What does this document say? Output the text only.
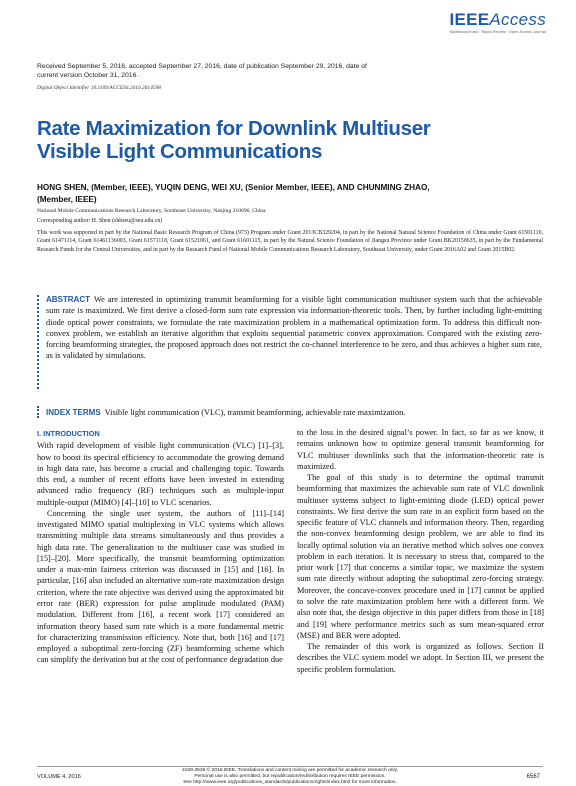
IEEEAccess
Multidisciplinary : Rapid Review : Open Access Journal
Received September 5, 2016, accepted September 27, 2016, date of publication September 29, 2016, date of current version October 31, 2016.
Digital Object Identifier 10.1109/ACCESS.2016.2614598
Rate Maximization for Downlink Multiuser Visible Light Communications
HONG SHEN, (Member, IEEE), YUQIN DENG, WEI XU, (Senior Member, IEEE), AND CHUNMING ZHAO, (Member, IEEE)
National Mobile Communications Research Laboratory, Southeast University, Nanjing 210096, China
Corresponding author: H. Shen (shhseu@seu.edu.cn)
This work was supported in part by the National Basic Research Program of China (973) Program under Grant 2013CB329204, in part by the National Natural Science Foundation of China under Grant 61501110, Grant 61471114, Grant 61461136003, Grant 61571118, Grant 61521061, and Grant 61601115, in part by the Natural Science Foundation of Jiangsu Province under Grant BK20150635, in part by the Fundamental Research Funds for the Central Universities, and in part by the Research Fund of National Mobile Communications Research Laboratory, Southeast University, under Grant 2016A02 and Grant 2015B02.
ABSTRACT We are interested in optimizing transmit beamforming for a visible light communication multiuser system such that the achievable sum rate is maximized. We first derive a closed-form sum rate expression via information-theoretic tools. Then, by further including light-emitting diode optical power constraints, we formulate the rate maximization problem in a mathematical optimization form. To address this difficult non-convex problem, we establish an iterative algorithm that exploits sequential parametric convex approximation. Compared with the existing zero-forcing beamforming strategies, the proposed approach does not restrict the co-channel interference to be zero, and thus achieves a higher sum rate, as is validated by simulations.
INDEX TERMS Visible light communication (VLC), transmit beamforming, achievable rate maximization.
I. INTRODUCTION

With rapid development of visible light communication (VLC) [1]–[3], how to boost its spectral efficiency to accommodate the growing demand in high data rate, has become a crucial and challenging topic. Towards this end, a number of recent efforts have been invested in extending advanced radio frequency (RF) techniques such as multiple-input multiple-output (MIMO) [4]–[10] to VLC scenarios.

Concerning the single user system, the authors of [11]–[14] investigated MIMO spatial multiplexing in VLC systems which allows transmitting multiple data streams simultaneously and thus provides a high data rate. The generalization to the multiuser case was studied in [15]–[20]. More specifically, the transmit beamforming optimization under a max-min fairness criterion was discussed in [15] and [16]. In particular, [16] also included an alternative sum-rate maximization design criterion, where the rate objective was derived using the approximated bit error rate (BER) expression for pulse amplitude modulated (PAM) modulation. Different from [16], a recent work [17] considered an information theory based sum rate which is a more fundamental metric for characterizing transmission efficiency. Note that, both [16] and [17] employed a suboptimal zero-forcing (ZF) beamforming scheme which can simplify the derivation but at the cost of performance degradation due

to the loss in the desired signal’s power. In fact, so far as we know, it remains unknown how to optimize general transmit beamforming for VLC multiuser downlinks such that the information-theoretic rate is maximized.

The goal of this study is to determine the optimal transmit beamforming that maximizes the achievable sum rate of VLC downlink multiuser systems subject to light-emitting diode (LED) optical power constraints. We first derive the sum rate in an explicit form based on the specific feature of VLC channels and information theory. Then, regarding the non-convex beamforming design problem, we are able to find its locally optimal solution via an iterative method which solves one convex problem in each iteration. It is necessary to stress that, compared to the prior work [17] that concerns a similar topic, we maximize the system sum rate directly without adopting the suboptimal zero-forcing strategy. Moreover, the concave-convex procedure used in [17] cannot be applied to solve the rate maximization problem here with a different form. We also note that, the design objective in this paper differs from those in [18] and [19] where performance metrics such as sum mean-squared error (MSE) and BER were adopted.

The remainder of this work is organized as follows. Section II describes the VLC system model we adopt. In Section III, we present the specific problem formulation.

VOLUME 4, 2016
2169-3536 © 2016 IEEE. Translations and content mining are permitted for academic research only.
Personal use is also permitted, but republication/redistribution requires IEEE permission.
See http://www.ieee.org/publications_standards/publications/rights/index.html for more information.
6567
